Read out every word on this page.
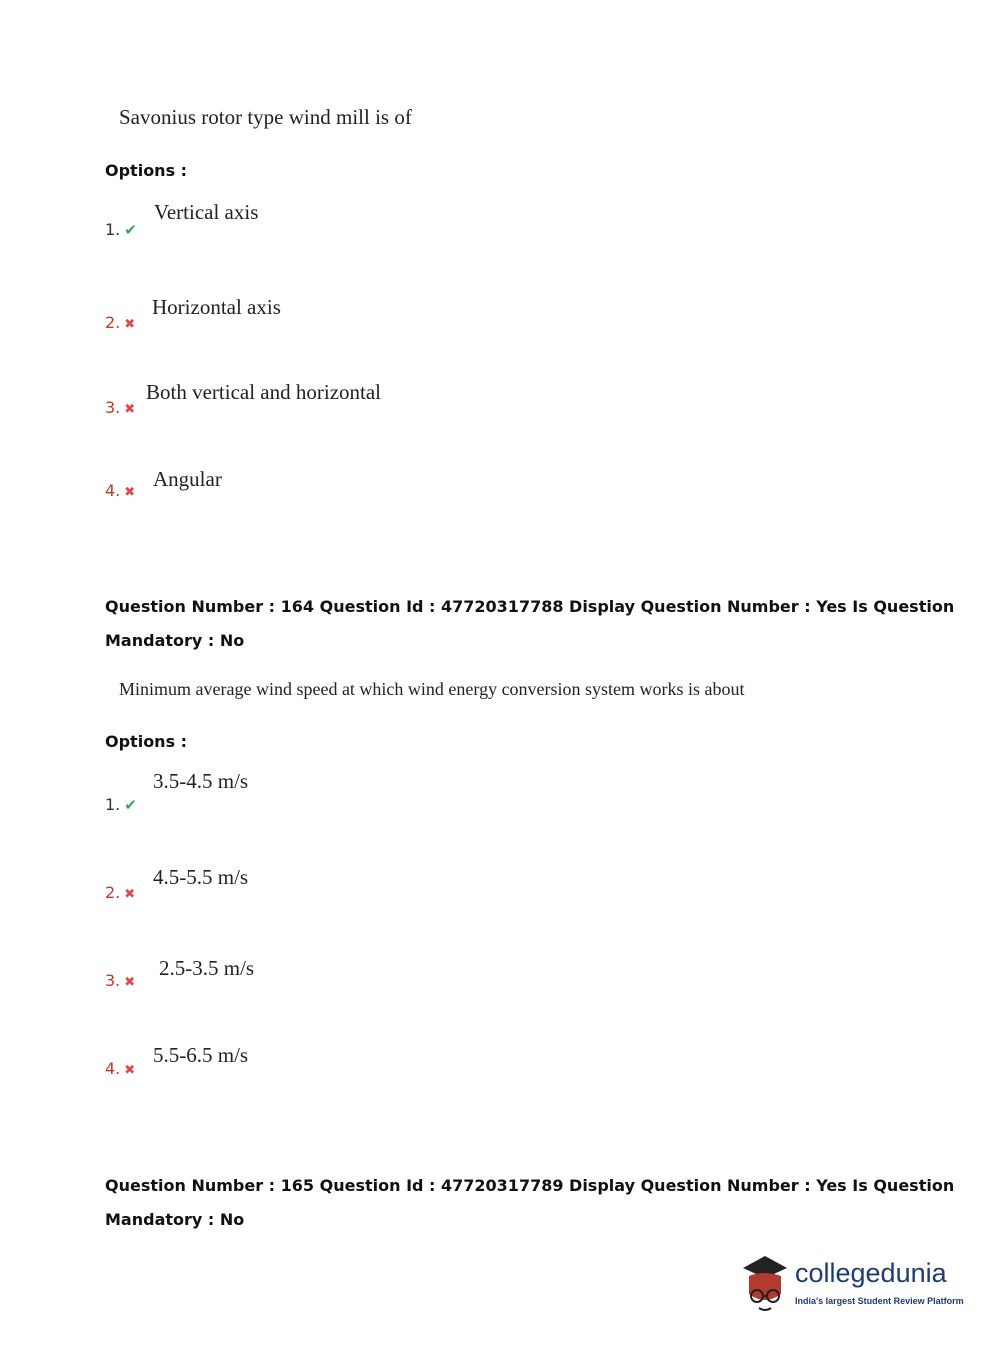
Savonius rotor type wind mill is of
Options :
Vertical axis
1. ✔
Horizontal axis
2. ✖
Both vertical and horizontal
3. ✖
Angular
4. ✖
Question Number : 164 Question Id : 47720317788 Display Question Number : Yes Is Question
Mandatory : No
Minimum average wind speed at which wind energy conversion system works is about
Options :
3.5-4.5 m/s
1. ✔
4.5-5.5 m/s
2. ✖
2.5-3.5 m/s
3. ✖
5.5-6.5 m/s
4. ✖
Question Number : 165 Question Id : 47720317789 Display Question Number : Yes Is Question
Mandatory : No
collegedunia
India's largest Student Review Platform
